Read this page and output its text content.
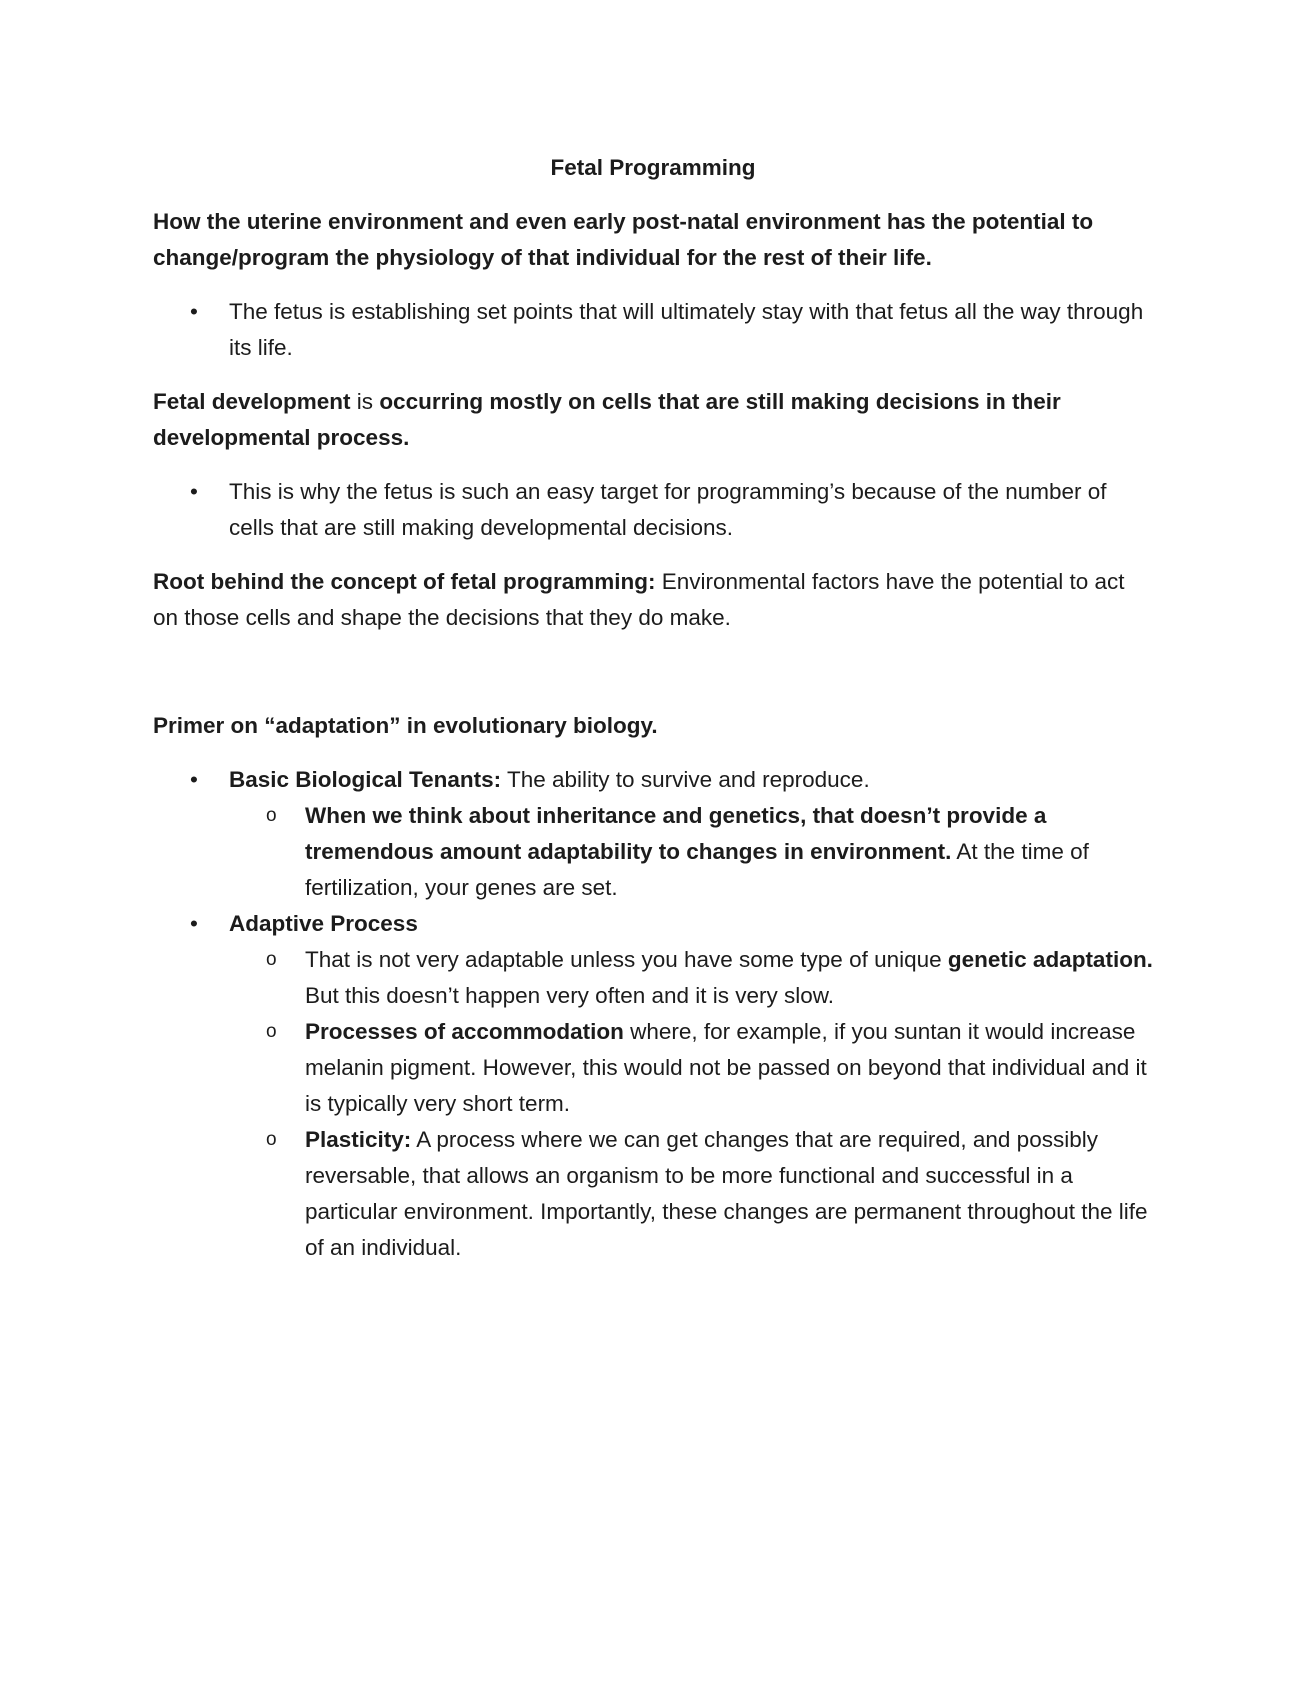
Fetal Programming

How the uterine environment and even early post-natal environment has the potential to change/program the physiology of that individual for the rest of their life.

• The fetus is establishing set points that will ultimately stay with that fetus all the way through its life.

Fetal development is occurring mostly on cells that are still making decisions in their developmental process.

• This is why the fetus is such an easy target for programming’s because of the number of cells that are still making developmental decisions.

Root behind the concept of fetal programming: Environmental factors have the potential to act on those cells and shape the decisions that they do make.

Primer on “adaptation” in evolutionary biology.

• Basic Biological Tenants: The ability to survive and reproduce.
o When we think about inheritance and genetics, that doesn’t provide a tremendous amount adaptability to changes in environment. At the time of fertilization, your genes are set.
• Adaptive Process
o That is not very adaptable unless you have some type of unique genetic adaptation. But this doesn’t happen very often and it is very slow.
o Processes of accommodation where, for example, if you suntan it would increase melanin pigment. However, this would not be passed on beyond that individual and it is typically very short term.
o Plasticity: A process where we can get changes that are required, and possibly reversable, that allows an organism to be more functional and successful in a particular environment. Importantly, these changes are permanent throughout the life of an individual.
